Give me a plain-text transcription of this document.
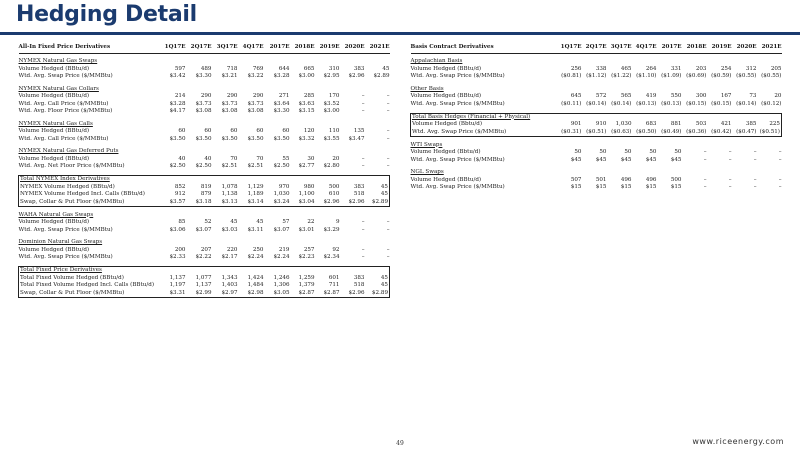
Hedging Detail
All-In Fixed Price Derivatives	1Q17E	2Q17E	3Q17E	4Q17E	2017E	2018E	2019E	2020E	2021E

NYMEX Natural Gas Swaps									
Volume Hedged (BBtu/d)	597	489	718	769	644	665	310	383	45
Wtd. Avg. Swap Price ($/MMBtu)	$3.42	$3.30	$3.21	$3.22	$3.28	$3.00	$2.95	$2.96	$2.89

NYMEX Natural Gas Collars									
Volume Hedged (BBtu/d)	214	290	290	290	271	285	170	–	–
Wtd. Avg. Call Price ($/MMBtu)	$3.28	$3.73	$3.73	$3.73	$3.64	$3.63	$3.52	–	–
Wtd. Avg. Floor Price ($/MMBtu)	$4.17	$3.08	$3.08	$3.08	$3.30	$3.15	$3.00	–	–

NYMEX Natural Gas Calls									
Volume Hedged (BBtu/d)	60	60	60	60	60	120	110	135	–
Wtd. Avg. Call Price ($/MMBtu)	$3.50	$3.50	$3.50	$3.50	$3.50	$3.32	$3.55	$3.47	–

NYMEX Natural Gas Deferred Puts									
Volume Hedged (BBtu/d)	40	40	70	70	55	30	20	–	–
Wtd. Avg. Net Floor Price ($/MMBtu)	$2.50	$2.50	$2.51	$2.51	$2.50	$2.77	$2.80	–	–

Total NYMEX Index Derivatives									
NYMEX Volume Hedged (BBtu/d)	852	819	1,078	1,129	970	980	500	383	45
NYMEX Volume Hedged Incl. Calls (BBtu/d)	912	879	1,138	1,189	1,030	1,100	610	518	45
Swap, Collar & Put Floor ($/MMBtu)	$3.57	$3.18	$3.13	$3.14	$3.24	$3.04	$2.96	$2.96	$2.89

WAHA Natural Gas Swaps									
Volume Hedged (BBtu/d)	85	52	45	45	57	22	9	–	–
Wtd. Avg. Swap Price ($/MMBtu)	$3.06	$3.07	$3.03	$3.11	$3.07	$3.01	$3.29	–	–

Dominion Natural Gas Swaps									
Volume Hedged (BBtu/d)	200	207	220	250	219	257	92	–	–
Wtd. Avg. Swap Price ($/MMBtu)	$2.33	$2.22	$2.17	$2.24	$2.24	$2.23	$2.34	–	–

Total Fixed Price Derivatives									
Total Fixed Volume Hedged (BBtu/d)	1,137	1,077	1,343	1,424	1,246	1,259	601	383	45
Total Fixed Volume Hedged Incl. Calls (BBtu/d)	1,197	1,137	1,403	1,484	1,306	1,379	711	518	45
Swap, Collar & Put Floor ($/MMBtu)	$3.31	$2.99	$2.97	$2.98	$3.05	$2.87	$2.87	$2.96	$2.89
Basis Contract Derivatives	1Q17E	2Q17E	3Q17E	4Q17E	2017E	2018E	2019E	2020E	2021E

Appalachian Basis									
Volume Hedged (BBtu/d)	256	338	465	264	331	203	254	312	205
Wtd. Avg. Swap Price ($/MMBtu)	($0.81)	($1.12)	($1.22)	($1.10)	($1.09)	($0.69)	($0.59)	($0.55)	($0.55)

Other Basis									
Volume Hedged (BBtu/d)	645	572	565	419	550	300	167	73	20
Wtd. Avg. Swap Price ($/MMBtu)	($0.11)	($0.14)	($0.14)	($0.13)	($0.13)	($0.15)	($0.15)	($0.14)	($0.12)

Total Basis Hedges (Financial + Physical)									
Volume Hedged (Bbtu/d)	901	910	1,030	683	881	503	421	385	225
Wtd. Avg. Swap Price ($/MMBtu)	($0.31)	($0.51)	($0.63)	($0.50)	($0.49)	($0.36)	($0.42)	($0.47)	($0.51)

WTI Swaps									
Volume Hedged (Bbtu/d)	50	50	50	50	50	–	–	–	–
Wtd. Avg. Swap Price ($/MMBtu)	$45	$45	$45	$45	$45	–	–	–	–

NGL Swaps									
Volume Hedged (BBtu/d)	507	501	496	496	500	–	–	–	–
Wtd. Avg. Swap Price ($/MMBtu)	$15	$15	$15	$15	$15	–	–	–	–
49	www.riceenergy.com
